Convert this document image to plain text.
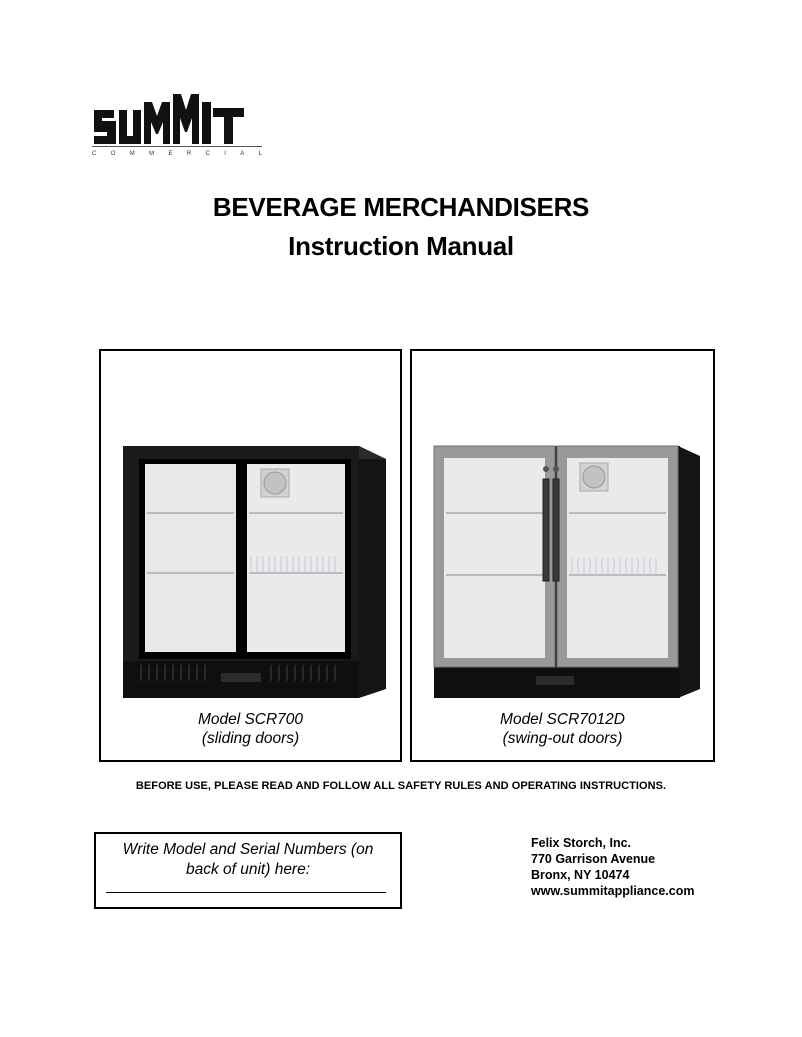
C O M M E R C I A L
BEVERAGE MERCHANDISERS
Instruction Manual
Model SCR700
(sliding doors)
Model SCR7012D
(swing-out doors)
BEFORE USE, PLEASE READ AND FOLLOW ALL SAFETY RULES AND OPERATING INSTRUCTIONS.
Write Model and Serial Numbers (on back of unit) here:
Felix Storch, Inc.
770 Garrison Avenue
Bronx, NY 10474
www.summitappliance.com
